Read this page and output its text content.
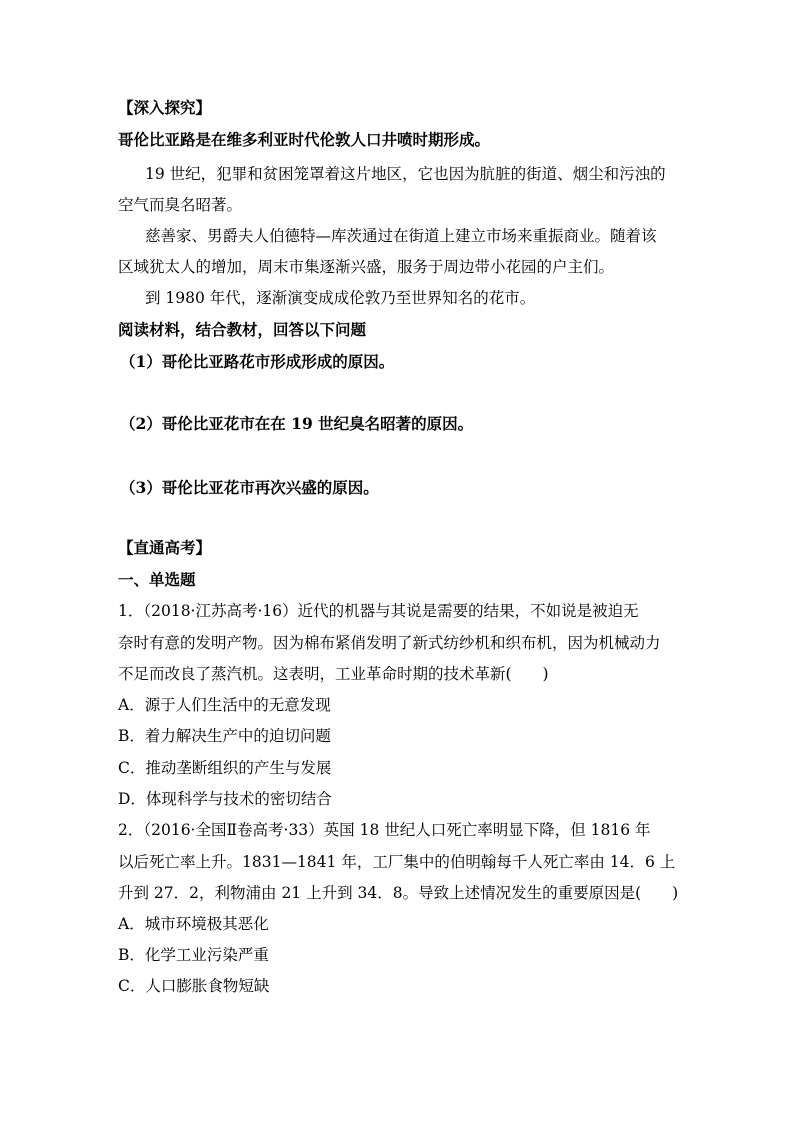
【深入探究】
哥伦比亚路是在维多利亚时代伦敦人口井喷时期形成。
19 世纪，犯罪和贫困笼罩着这片地区，它也因为肮脏的街道、烟尘和污浊的
空气而臭名昭著。
慈善家、男爵夫人伯德特—库茨通过在街道上建立市场来重振商业。随着该
区域犹太人的增加，周末市集逐渐兴盛，服务于周边带小花园的户主们。
到 1980 年代，逐渐演变成成伦敦乃至世界知名的花市。
阅读材料，结合教材，回答以下问题
（1）哥伦比亚路花市形成形成的原因。
（2）哥伦比亚花市在在 19 世纪臭名昭著的原因。
（3）哥伦比亚花市再次兴盛的原因。
【直通高考】
一、单选题
1．（2018·江苏高考·16）近代的机器与其说是需要的结果，不如说是被迫无
奈时有意的发明产物。因为棉布紧俏发明了新式纺纱机和织布机，因为机械动力
不足而改良了蒸汽机。这表明，工业革命时期的技术革新(　　)
A．源于人们生活中的无意发现
B．着力解决生产中的迫切问题
C．推动垄断组织的产生与发展
D．体现科学与技术的密切结合
2．（2016·全国Ⅱ卷高考·33）英国 18 世纪人口死亡率明显下降，但 1816 年
以后死亡率上升。1831—1841 年，工厂集中的伯明翰每千人死亡率由 14．6 上
升到 27．2，利物浦由 21 上升到 34．8。导致上述情况发生的重要原因是(　　)
A．城市环境极其恶化
B．化学工业污染严重
C．人口膨胀食物短缺
